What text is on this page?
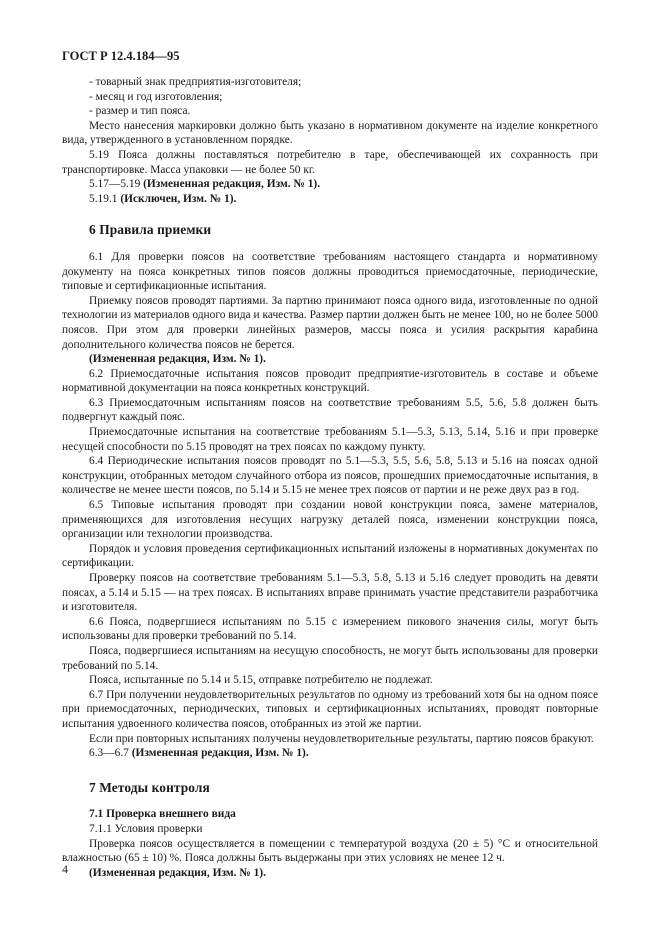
ГОСТ Р 12.4.184—95

- товарный знак предприятия-изготовителя;

- месяц и год изготовления;

- размер и тип пояса.

Место нанесения маркировки должно быть указано в нормативном документе на изделие конкретного вида, утвержденного в установленном порядке.

5.19 Пояса должны поставляться потребителю в таре, обеспечивающей их сохранность при транспортировке. Масса упаковки — не более 50 кг.

5.17—5.19 (Измененная редакция, Изм. № 1).

5.19.1 (Исключен, Изм. № 1).

6 Правила приемки

6.1 Для проверки поясов на соответствие требованиям настоящего стандарта и нормативному документу на пояса конкретных типов поясов должны проводиться приемосдаточные, периодические, типовые и сертификационные испытания.

Приемку поясов проводят партиями. За партию принимают пояса одного вида, изготовленные по одной технологии из материалов одного вида и качества. Размер партии должен быть не менее 100, но не более 5000 поясов. При этом для проверки линейных размеров, массы пояса и усилия раскрытия карабина дополнительного количества поясов не берется.

(Измененная редакция, Изм. № 1).

6.2 Приемосдаточные испытания поясов проводит предприятие-изготовитель в составе и объеме нормативной документации на пояса конкретных конструкций.

6.3 Приемосдаточным испытаниям поясов на соответствие требованиям 5.5, 5.6, 5.8 должен быть подвергнут каждый пояс.

Приемосдаточные испытания на соответствие требованиям 5.1—5.3, 5.13, 5.14, 5.16 и при проверке несущей способности по 5.15 проводят на трех поясах по каждому пункту.

6.4 Периодические испытания поясов проводят по 5.1—5.3, 5.5, 5.6, 5.8, 5.13 и 5.16 на поясах одной конструкции, отобранных методом случайного отбора из поясов, прошедших приемосдаточные испытания, в количестве не менее шести поясов, по 5.14 и 5.15 не менее трех поясов от партии и не реже двух раз в год.

6.5 Типовые испытания проводят при создании новой конструкции пояса, замене материалов, применяющихся для изготовления несущих нагрузку деталей пояса, изменении конструкции пояса, организации или технологии производства.

Порядок и условия проведения сертификационных испытаний изложены в нормативных документах по сертификации.

Проверку поясов на соответствие требованиям 5.1—5.3, 5.8, 5.13 и 5.16 следует проводить на девяти поясах, а 5.14 и 5.15 — на трех поясах. В испытаниях вправе принимать участие представители разработчика и изготовителя.

6.6 Пояса, подвергшиеся испытаниям по 5.15 с измерением пикового значения силы, могут быть использованы для проверки требований по 5.14.

Пояса, подвергшиеся испытаниям на несущую способность, не могут быть использованы для проверки требований по 5.14.

Пояса, испытанные по 5.14 и 5.15, отправке потребителю не подлежат.

6.7 При получении неудовлетворительных результатов по одному из требований хотя бы на одном поясе при приемосдаточных, периодических, типовых и сертификационных испытаниях, проводят повторные испытания удвоенного количества поясов, отобранных из этой же партии.

Если при повторных испытаниях получены неудовлетворительные результаты, партию поясов бракуют.

6.3—6.7 (Измененная редакция, Изм. № 1).

7 Методы контроля

7.1 Проверка внешнего вида

7.1.1 Условия проверки

Проверка поясов осуществляется в помещении с температурой воздуха (20 ± 5) °С и относительной влажностью (65 ± 10) %. Пояса должны быть выдержаны при этих условиях не менее 12 ч.

(Измененная редакция, Изм. № 1).

4
